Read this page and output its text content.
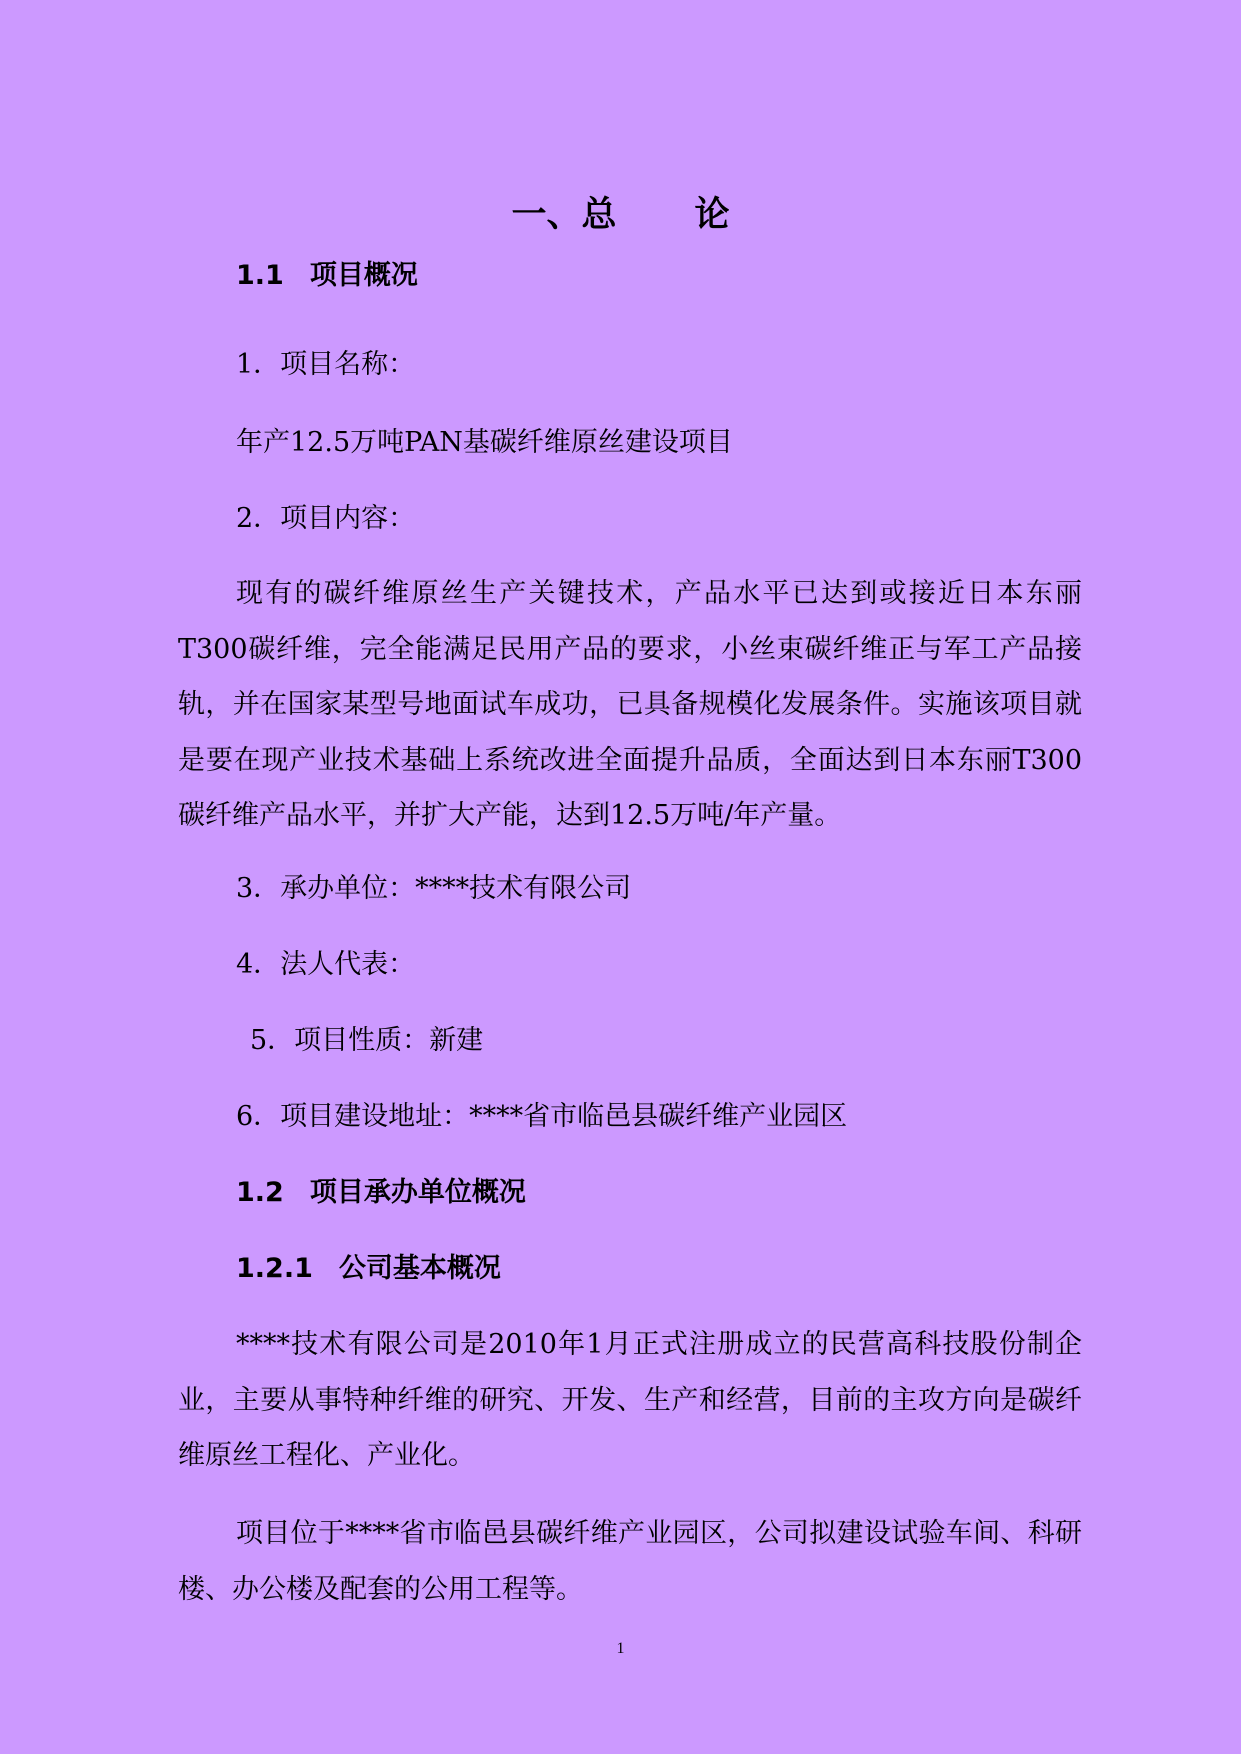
一、总 论
1.1 项目概况
1．项目名称：
年产12.5万吨PAN基碳纤维原丝建设项目
2．项目内容：
现有的碳纤维原丝生产关键技术，产品水平已达到或接近日本东丽T300碳纤维，完全能满足民用产品的要求，小丝束碳纤维正与军工产品接轨，并在国家某型号地面试车成功，已具备规模化发展条件。实施该项目就是要在现产业技术基础上系统改进全面提升品质，全面达到日本东丽T300碳纤维产品水平，并扩大产能，达到12.5万吨/年产量。
3．承办单位：****技术有限公司
4．法人代表：
5．项目性质：新建
6．项目建设地址：****省市临邑县碳纤维产业园区
1.2 项目承办单位概况
1.2.1 公司基本概况
****技术有限公司是2010年1月正式注册成立的民营高科技股份制企业，主要从事特种纤维的研究、开发、生产和经营，目前的主攻方向是碳纤维原丝工程化、产业化。
项目位于****省市临邑县碳纤维产业园区，公司拟建设试验车间、科研楼、办公楼及配套的公用工程等。
1
